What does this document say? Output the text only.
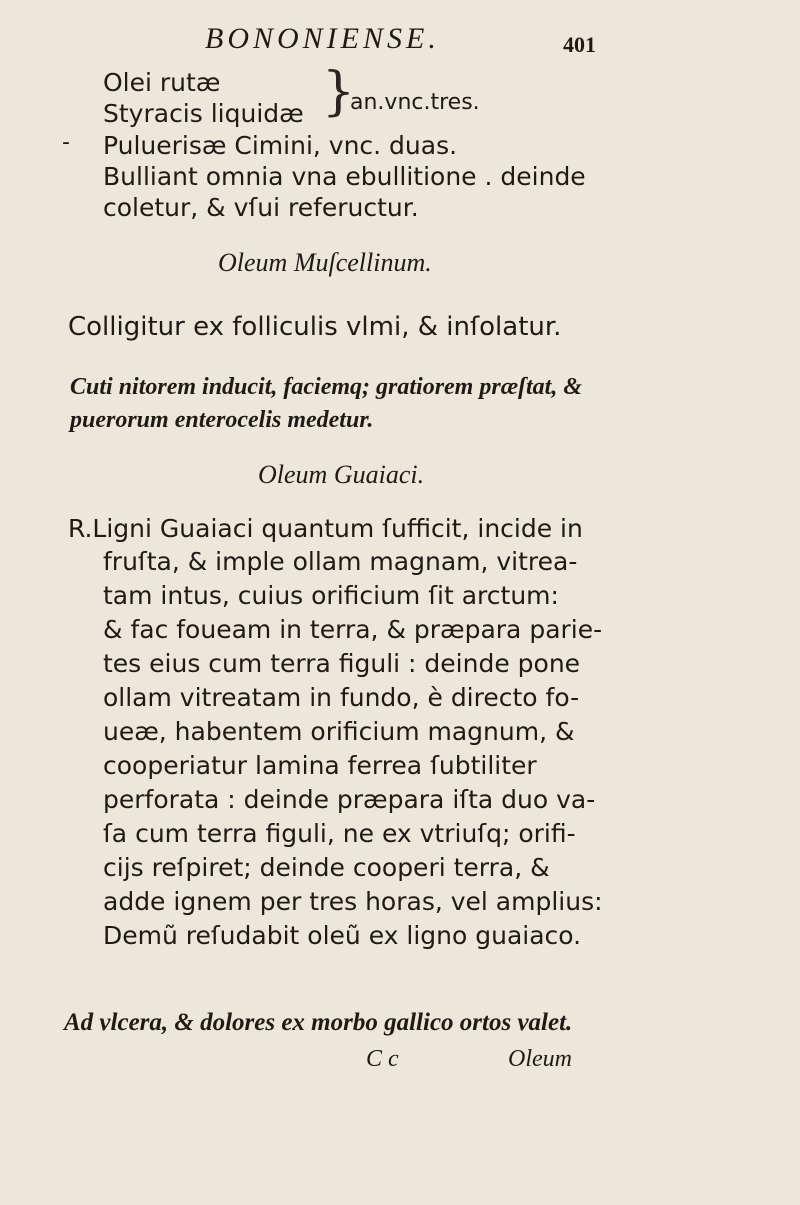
BONONIENSE.	401
Olei rutæ
Styracis liquidæ }
an.vnc.tres.
- Puluerisæ Cimini, vnc. duas.
Bulliant omnia vna ebullitione . deinde
coletur, & vſui refeructur.
Oleum Muſcellinum.
Colligitur ex folliculis vlmi, & inſolatur.
Cuti nitorem inducit, faciemq; gratiorem præſtat, &
puerorum enterocelis medetur.
Oleum Guaiaci.
R.Ligni Guaiaci quantum ſufficit, incide in
fruſta, & imple ollam magnam, vitrea-
tam intus, cuius orificium ſit arctum:
& fac foueam in terra, & præpara parie-
tes eius cum terra figuli : deinde pone
ollam vitreatam in fundo, è directo fo-
ueæ, habentem orificium magnum, &
cooperiatur lamina ferrea ſubtiliter
perforata : deinde præpara iſta duo va-
ſa cum terra figuli, ne ex vtriuſq; orifi-
cijs reſpiret; deinde cooperi terra, &
adde ignem per tres horas, vel amplius:
Demũ reſudabit oleũ ex ligno guaiaco.
Ad vlcera, & dolores ex morbo gallico ortos valet.
C c	Oleum
